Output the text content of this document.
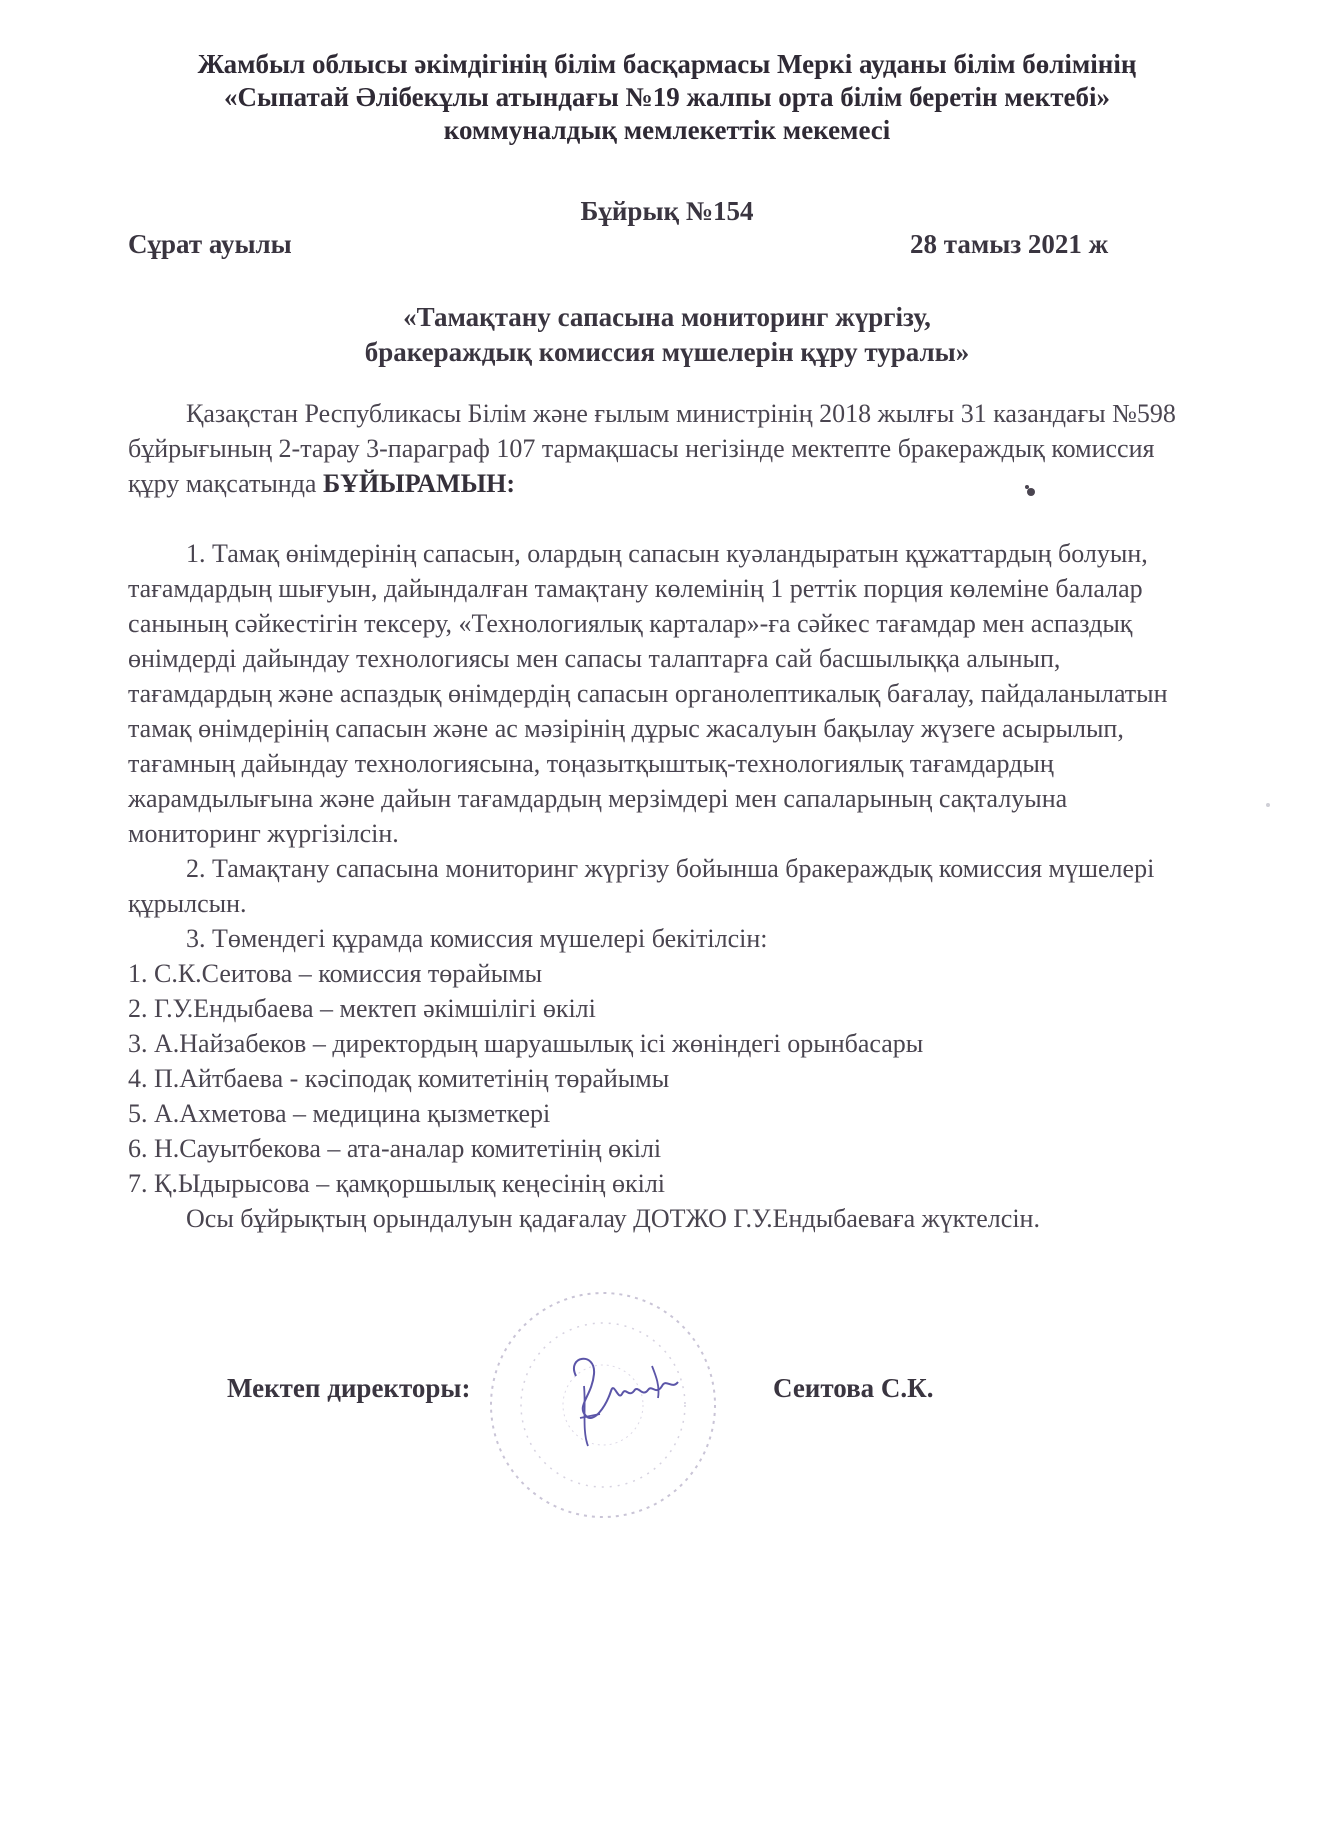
Жамбыл облысы әкімдігінің білім басқармасы Меркі ауданы білім бөлімінің
«Сыпатай Әлібекұлы атындағы №19 жалпы орта білім беретін мектебі»
коммуналдық мемлекеттік мекемесі
Бұйрық №154
Сұрат ауылы	28 тамыз 2021 ж
«Тамақтану сапасына мониторинг жүргізу,
бракераждық комиссия мүшелерін құру туралы»

Қазақстан Республикасы Білім және ғылым министрінің 2018 жылғы 31 казандағы №598 бұйрығының 2-тарау 3-параграф 107 тармақшасы негізінде мектепте бракераждық комиссия құру мақсатында БҰЙЫРАМЫН:

1. Тамақ өнімдерінің сапасын, олардың сапасын куәландыратын құжаттардың болуын, тағамдардың шығуын, дайындалған тамақтану көлемінің 1 реттік порция көлеміне балалар санының сәйкестігін тексеру, «Технологиялық карталар»-ға сәйкес тағамдар мен аспаздық өнімдерді дайындау технологиясы мен сапасы талаптарға сай басшылыққа алынып, тағамдардың және аспаздық өнімдердің сапасын органолептикалық бағалау, пайдаланылатын тамақ өнімдерінің сапасын және ас мәзірінің дұрыс жасалуын бақылау жүзеге асырылып, тағамның дайындау технологиясына, тоңазытқыштық-технологиялық тағамдардың жарамдылығына және дайын тағамдардың мерзімдері мен сапаларының сақталуына мониторинг жүргізілсін.

2. Тамақтану сапасына мониторинг жүргізу бойынша бракераждық комиссия мүшелері құрылсын.

3. Төмендегі құрамда комиссия мүшелері бекітілсін:

1. С.К.Сеитова – комиссия төрайымы
2. Г.У.Ендыбаева – мектеп әкімшілігі өкілі
3. А.Найзабеков – директордың шаруашылық ісі жөніндегі орынбасары
4. П.Айтбаева - кәсіподақ комитетінің төрайымы
5. А.Ахметова – медицина қызметкері
6. Н.Сауытбекова – ата-аналар комитетінің өкілі
7. Қ.Ыдырысова – қамқоршылық кеңесінің өкілі

Осы бұйрықтың орындалуын қадағалау ДОТЖО Г.У.Ендыбаеваға жүктелсін.

Мектеп директоры:	Сеитова С.К.
